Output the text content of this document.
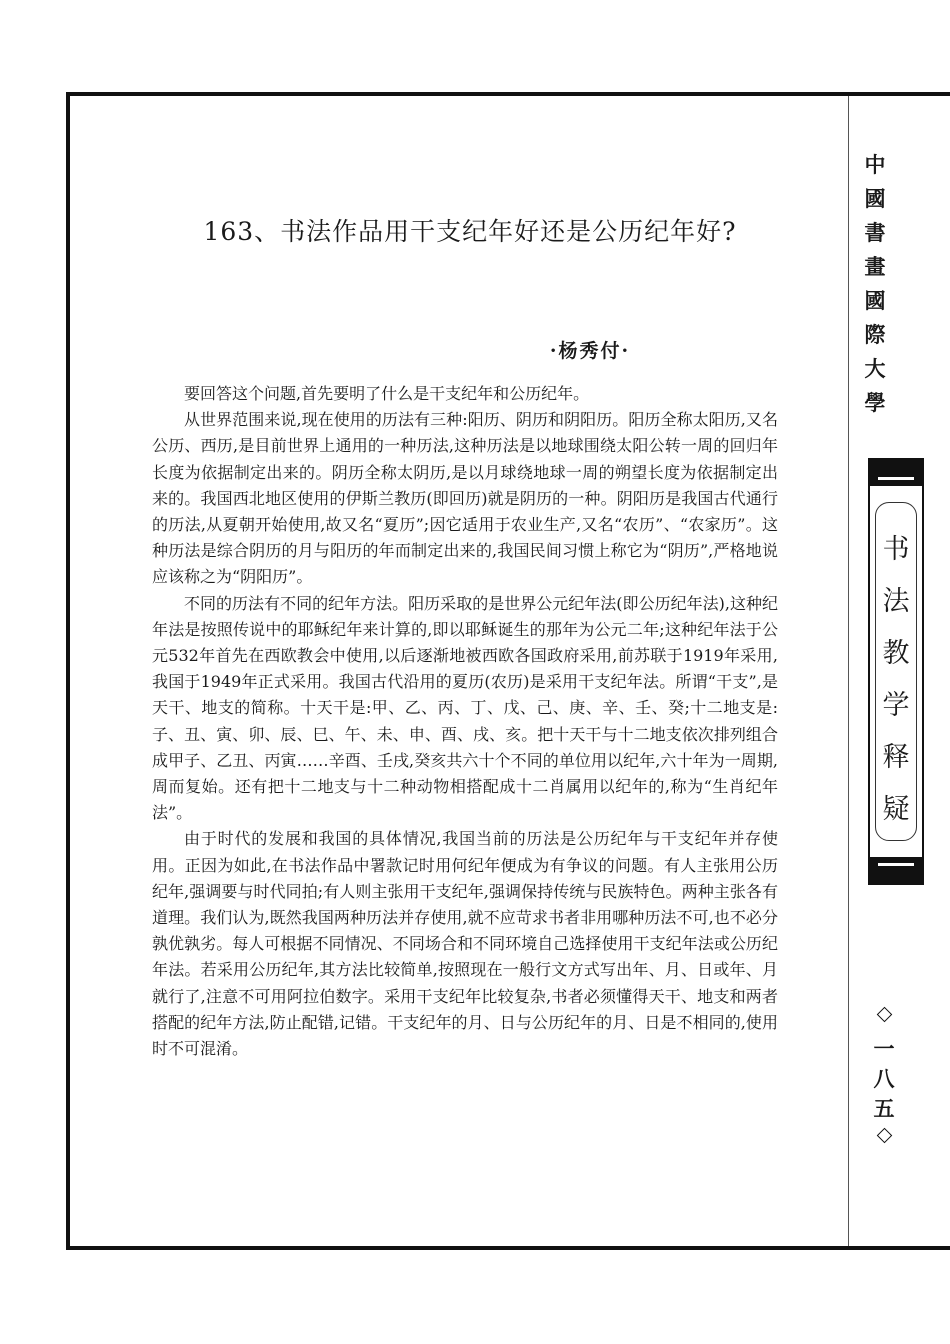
163、书法作品用干支纪年好还是公历纪年好?
·杨秀付·

要回答这个问题,首先要明了什么是干支纪年和公历纪年。

从世界范围来说,现在使用的历法有三种:阳历、阴历和阴阳历。阳历全称太阳历,又名公历、西历,是目前世界上通用的一种历法,这种历法是以地球围绕太阳公转一周的回归年长度为依据制定出来的。阴历全称太阴历,是以月球绕地球一周的朔望长度为依据制定出来的。我国西北地区使用的伊斯兰教历(即回历)就是阴历的一种。阴阳历是我国古代通行的历法,从夏朝开始使用,故又名“夏历”;因它适用于农业生产,又名“农历”、“农家历”。这种历法是综合阴历的月与阳历的年而制定出来的,我国民间习惯上称它为“阴历”,严格地说应该称之为“阴阳历”。

不同的历法有不同的纪年方法。阳历采取的是世界公元纪年法(即公历纪年法),这种纪年法是按照传说中的耶稣纪年来计算的,即以耶稣诞生的那年为公元二年;这种纪年法于公元532年首先在西欧教会中使用,以后逐渐地被西欧各国政府采用,前苏联于1919年采用,我国于1949年正式采用。我国古代沿用的夏历(农历)是采用干支纪年法。所谓“干支”,是天干、地支的简称。十天干是:甲、乙、丙、丁、戊、己、庚、辛、壬、癸;十二地支是:子、丑、寅、卯、辰、巳、午、未、申、酉、戌、亥。把十天干与十二地支依次排列组合成甲子、乙丑、丙寅……辛酉、壬戌,癸亥共六十个不同的单位用以纪年,六十年为一周期,周而复始。还有把十二地支与十二种动物相搭配成十二肖属用以纪年的,称为“生肖纪年法”。

由于时代的发展和我国的具体情况,我国当前的历法是公历纪年与干支纪年并存使用。正因为如此,在书法作品中署款记时用何纪年便成为有争议的问题。有人主张用公历纪年,强调要与时代同拍;有人则主张用干支纪年,强调保持传统与民族特色。两种主张各有道理。我们认为,既然我国两种历法并存使用,就不应苛求书者非用哪种历法不可,也不必分孰优孰劣。每人可根据不同情况、不同场合和不同环境自己选择使用干支纪年法或公历纪年法。若采用公历纪年,其方法比较简单,按照现在一般行文方式写出年、月、日或年、月就行了,注意不可用阿拉伯数字。采用干支纪年比较复杂,书者必须懂得天干、地支和两者搭配的纪年方法,防止配错,记错。干支纪年的月、日与公历纪年的月、日是不相同的,使用时不可混淆。

中
國
書
畫
國
際
大
學
书
法
教
学
释
疑
一
八
五
